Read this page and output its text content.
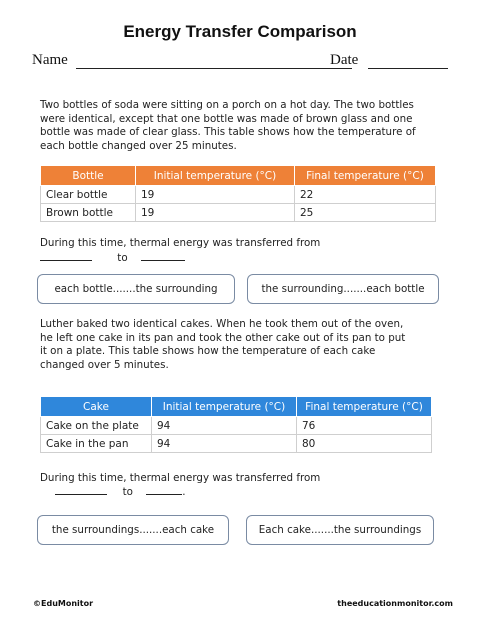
Energy Transfer Comparison
Name	Date
Two bottles of soda were sitting on a porch on a hot day. The two bottles
were identical, except that one bottle was made of brown glass and one
bottle was made of clear glass. This table shows how the temperature of
each bottle changed over 25 minutes.
Bottle	Initial temperature (°C)	Final temperature (°C)
Clear bottle	19	22
Brown bottle	19	25
During this time, thermal energy was transferred from
to
each bottle.......the surrounding	the surrounding.......each bottle
Luther baked two identical cakes. When he took them out of the oven,
he left one cake in its pan and took the other cake out of its pan to put
it on a plate. This table shows how the temperature of each cake
changed over 5 minutes.
Cake	Initial temperature (°C)	Final temperature (°C)
Cake on the plate	94	76
Cake in the pan	94	80
During this time, thermal energy was transferred from
to	.
the surroundings.......each cake	Each cake.......the surroundings
©EduMonitor	theeducationmonitor.com
